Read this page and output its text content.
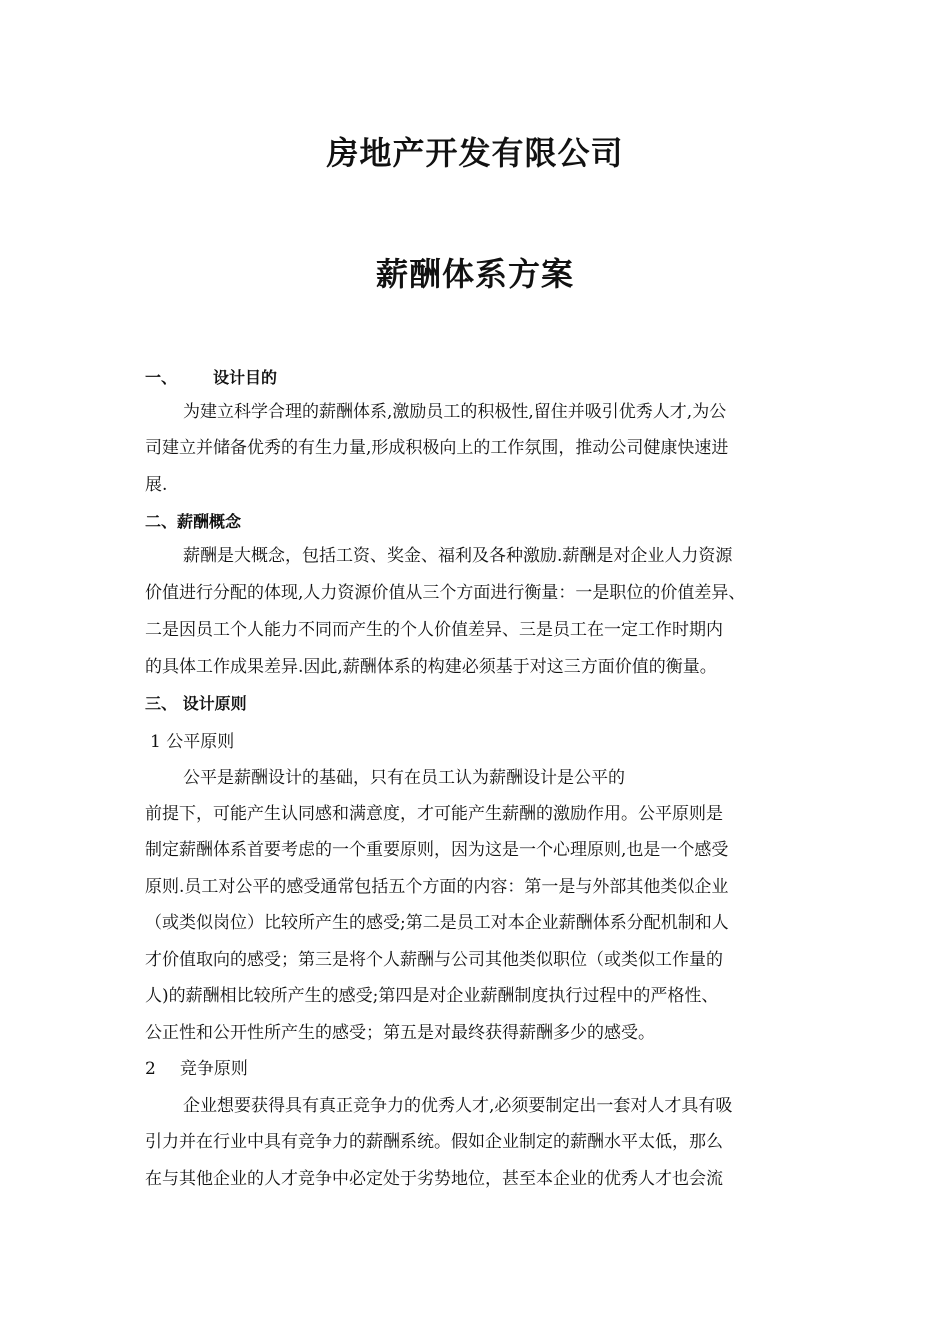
房地产开发有限公司
薪酬体系方案
一、 设计目的
为建立科学合理的薪酬体系,激励员工的积极性,留住并吸引优秀人才,为公
司建立并储备优秀的有生力量,形成积极向上的工作氛围，推动公司健康快速进
展.
二、薪酬概念
薪酬是大概念，包括工资、奖金、福利及各种激励.薪酬是对企业人力资源
价值进行分配的体现,人力资源价值从三个方面进行衡量：一是职位的价值差异、
二是因员工个人能力不同而产生的个人价值差异、三是员工在一定工作时期内
的具体工作成果差异.因此,薪酬体系的构建必须基于对这三方面价值的衡量。
三、 设计原则
1 公平原则
公平是薪酬设计的基础，只有在员工认为薪酬设计是公平的
前提下，可能产生认同感和满意度，才可能产生薪酬的激励作用。公平原则是
制定薪酬体系首要考虑的一个重要原则，因为这是一个心理原则,也是一个感受
原则.员工对公平的感受通常包括五个方面的内容：第一是与外部其他类似企业
（或类似岗位）比较所产生的感受;第二是员工对本企业薪酬体系分配机制和人
才价值取向的感受；第三是将个人薪酬与公司其他类似职位（或类似工作量的
人)的薪酬相比较所产生的感受;第四是对企业薪酬制度执行过程中的严格性、
公正性和公开性所产生的感受；第五是对最终获得薪酬多少的感受。
2 竞争原则
企业想要获得具有真正竞争力的优秀人才,必须要制定出一套对人才具有吸
引力并在行业中具有竞争力的薪酬系统。假如企业制定的薪酬水平太低，那么
在与其他企业的人才竞争中必定处于劣势地位，甚至本企业的优秀人才也会流
